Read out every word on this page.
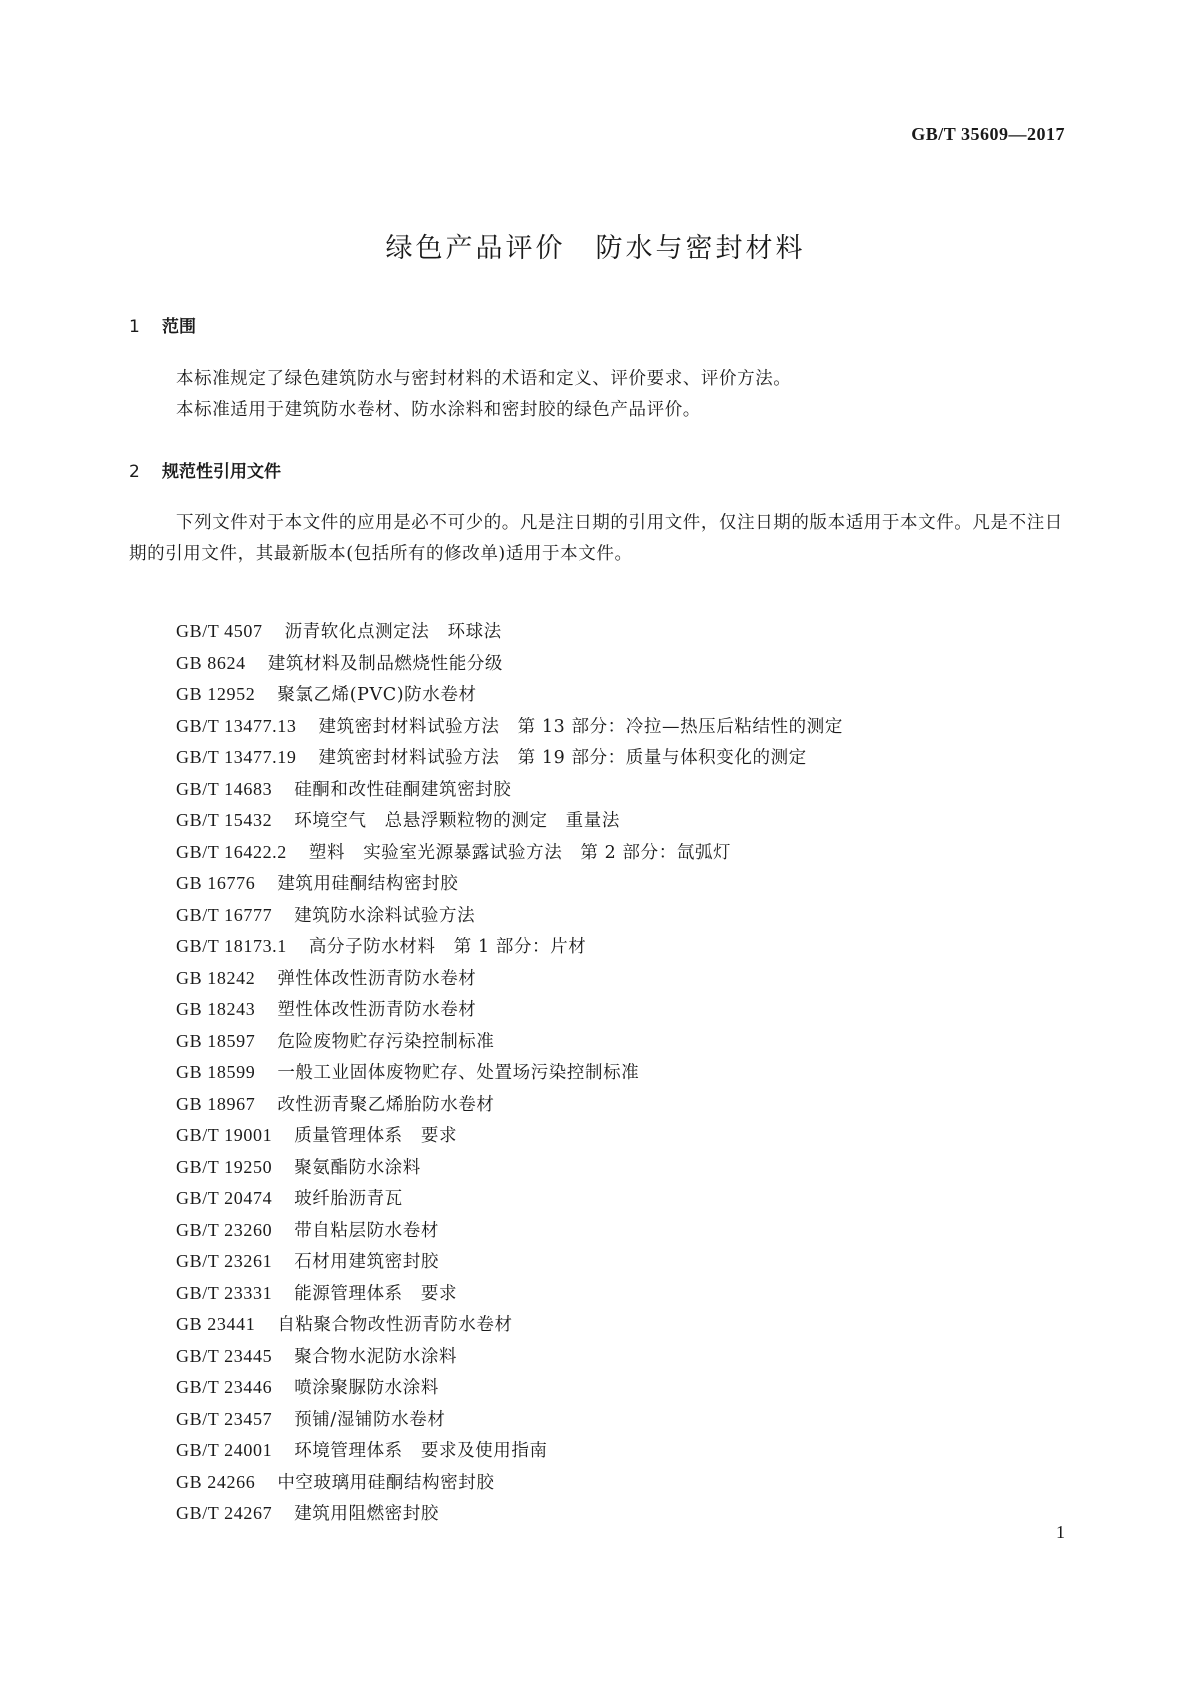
GB/T 35609—2017
绿色产品评价　防水与密封材料
1 范围

本标准规定了绿色建筑防水与密封材料的术语和定义、评价要求、评价方法。

本标准适用于建筑防水卷材、防水涂料和密封胶的绿色产品评价。

2 规范性引用文件

下列文件对于本文件的应用是必不可少的。凡是注日期的引用文件，仅注日期的版本适用于本文件。凡是不注日期的引用文件，其最新版本(包括所有的修改单)适用于本文件。

GB/T 4507 沥青软化点测定法　环球法
GB 8624 建筑材料及制品燃烧性能分级
GB 12952 聚氯乙烯(PVC)防水卷材
GB/T 13477.13 建筑密封材料试验方法　第 13 部分：冷拉—热压后粘结性的测定
GB/T 13477.19 建筑密封材料试验方法　第 19 部分：质量与体积变化的测定
GB/T 14683 硅酮和改性硅酮建筑密封胶
GB/T 15432 环境空气　总悬浮颗粒物的测定　重量法
GB/T 16422.2 塑料　实验室光源暴露试验方法　第 2 部分：氙弧灯
GB 16776 建筑用硅酮结构密封胶
GB/T 16777 建筑防水涂料试验方法
GB/T 18173.1 高分子防水材料　第 1 部分：片材
GB 18242 弹性体改性沥青防水卷材
GB 18243 塑性体改性沥青防水卷材
GB 18597 危险废物贮存污染控制标准
GB 18599 一般工业固体废物贮存、处置场污染控制标准
GB 18967 改性沥青聚乙烯胎防水卷材
GB/T 19001 质量管理体系　要求
GB/T 19250 聚氨酯防水涂料
GB/T 20474 玻纤胎沥青瓦
GB/T 23260 带自粘层防水卷材
GB/T 23261 石材用建筑密封胶
GB/T 23331 能源管理体系　要求
GB 23441 自粘聚合物改性沥青防水卷材
GB/T 23445 聚合物水泥防水涂料
GB/T 23446 喷涂聚脲防水涂料
GB/T 23457 预铺/湿铺防水卷材
GB/T 24001 环境管理体系　要求及使用指南
GB 24266 中空玻璃用硅酮结构密封胶
GB/T 24267 建筑用阻燃密封胶
1
